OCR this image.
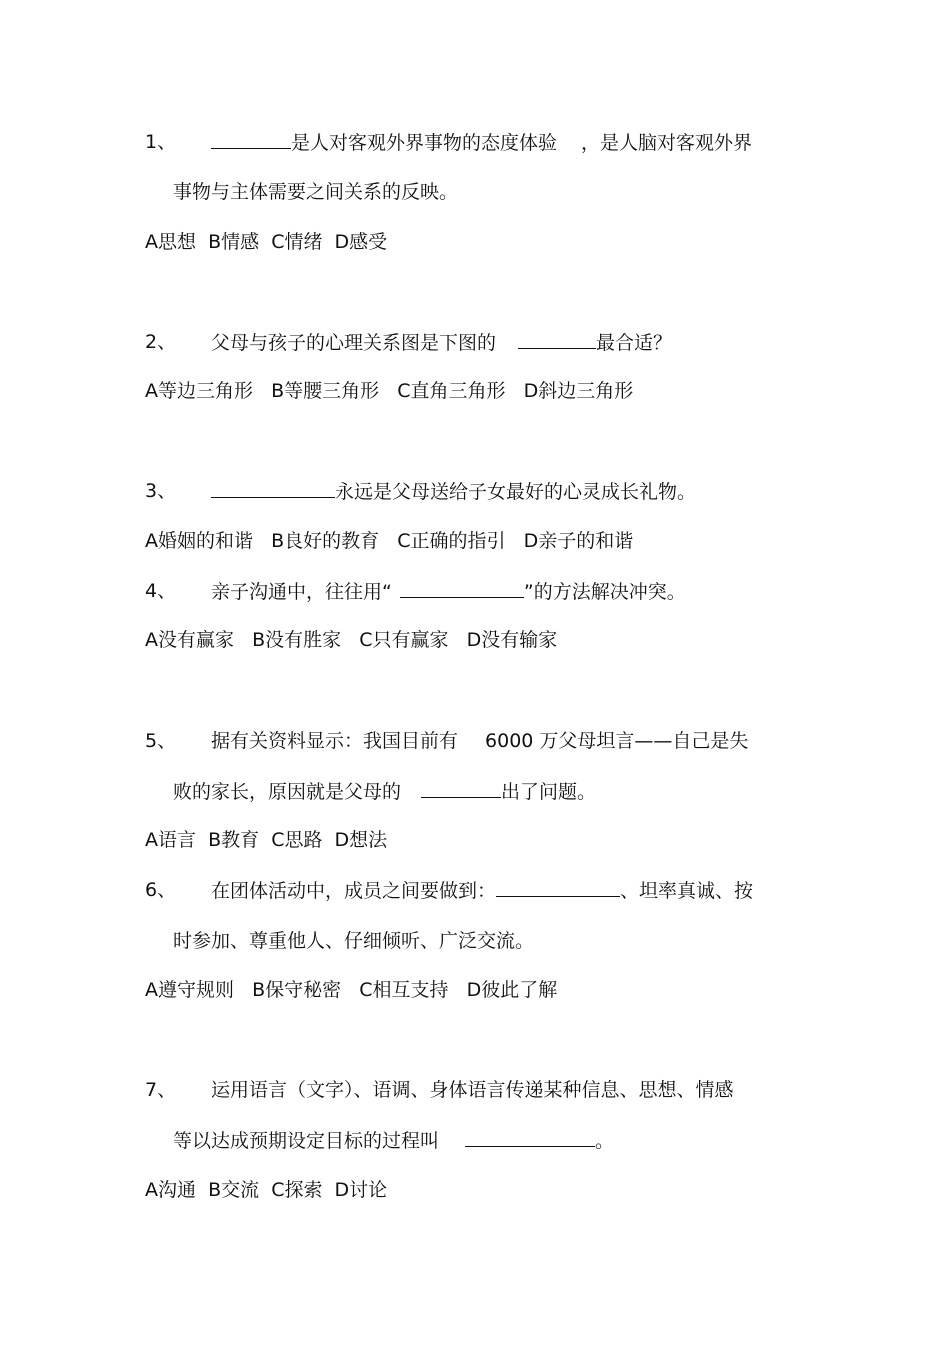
1、	是人对客观外界事物的态度体验 ，是人脑对客观外界
事物与主体需要之间关系的反映。
A思想  B情感  C情绪  D感受
2、 父母与孩子的心理关系图是下图的	最合适？
A等边三角形   B等腰三角形   C直角三角形   D斜边三角形
3、	永远是父母送给子女最好的心灵成长礼物。
A婚姻的和谐   B良好的教育   C正确的指引   D亲子的和谐
4、 亲子沟通中，往往用“	”的方法解决冲突。
A没有赢家   B没有胜家   C只有赢家   D没有输家
5、 据有关资料显示：我国目前有 6000 万父母坦言——自己是失
败的家长，原因就是父母的	出了问题。
A语言  B教育  C思路  D想法
6、 在团体活动中，成员之间要做到：	、坦率真诚、按
时参加、尊重他人、仔细倾听、广泛交流。
A遵守规则   B保守秘密   C相互支持   D彼此了解
7、 运用语言（文字）、语调、身体语言传递某种信息、思想、情感
等以达成预期设定目标的过程叫	。
A沟通  B交流  C探索  D讨论
